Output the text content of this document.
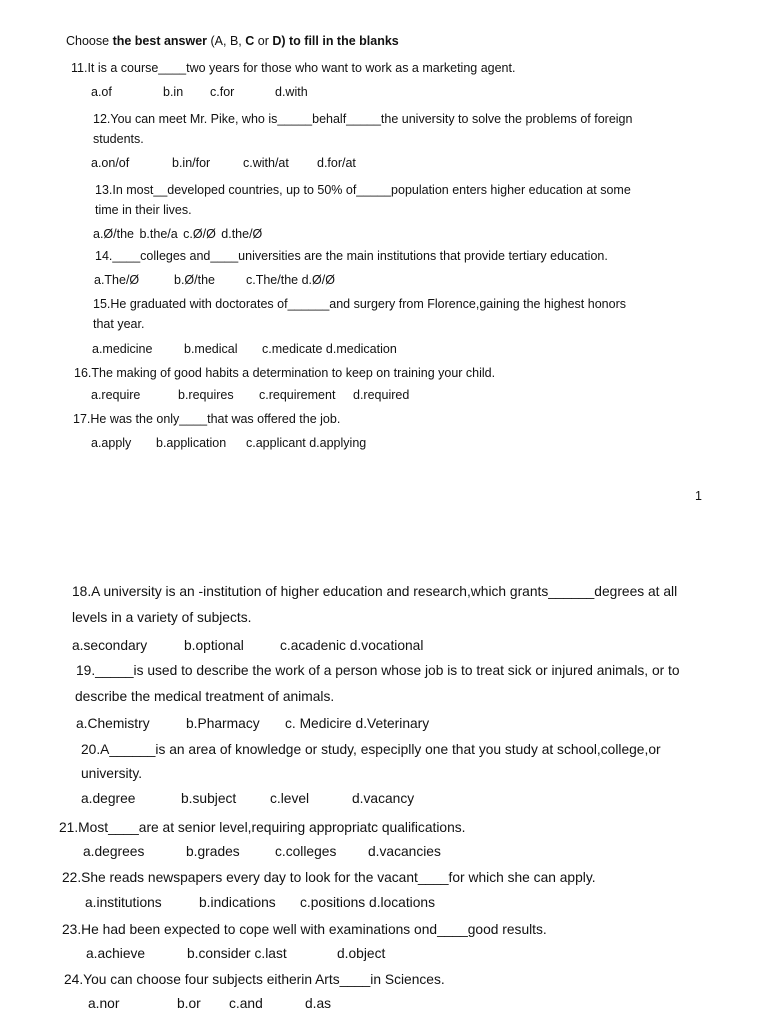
Choose the best answer (A, B, C or D) to fill in the blanks
11.It is a course____two years for those who want to work as a marketing agent.
a.of	b.in c.for	d.with
12.You can meet Mr. Pike, who is_____behalf_____the university to solve the problems of foreign
students.
a.on/of	b.in/for	c.with/at d.for/at
13.In most__developed countries, up to 50% of_____population enters higher education at some
time in their lives.
a.Ø/the b.the/a c.Ø/Ø d.the/Ø
14.____colleges and____universities are the main institutions that provide tertiary education.
a.The/Ø	b.Ø/the c.The/the d.Ø/Ø
15.He graduated with doctorates of______and surgery from Florence,gaining the highest honors
that year.
a.medicine	b.medical c.medicate d.medication
16.The making of good habits a determination to keep on training your child.
a.require	b.requires c.requirement d.required
17.He was the only____that was offered the job.
a.apply b.application c.applicant d.applying
1
18.A university is an -institution of higher education and research,which grants______degrees at all
levels in a variety of subjects.
a.secondary	b.optional	c.acadenic d.vocational
19._____is used to describe the work of a person whose job is to treat sick or injured animals, or to
describe the medical treatment of animals.
a.Chemistry	b.Pharmacy c. Medicire d.Veterinary
20.A______is an area of knowledge or study, especiplly one that you study at school,college,or
university.
a.degree	b.subject c.level	d.vacancy
21.Most____are at senior level,requiring appropriatc qualifications.
a.degrees	b.grades	c.colleges d.vacancies
22.She reads newspapers every day to look for the vacant____for which she can apply.
a.institutions	b.indications c.positions d.locations
23.He had been expected to cope well with examinations ond____good results.
a.achieve	b.consider c.last	d.object
24.You can choose four subjects eitherin Arts____in Sciences.
a.nor	b.or c.and	d.as
